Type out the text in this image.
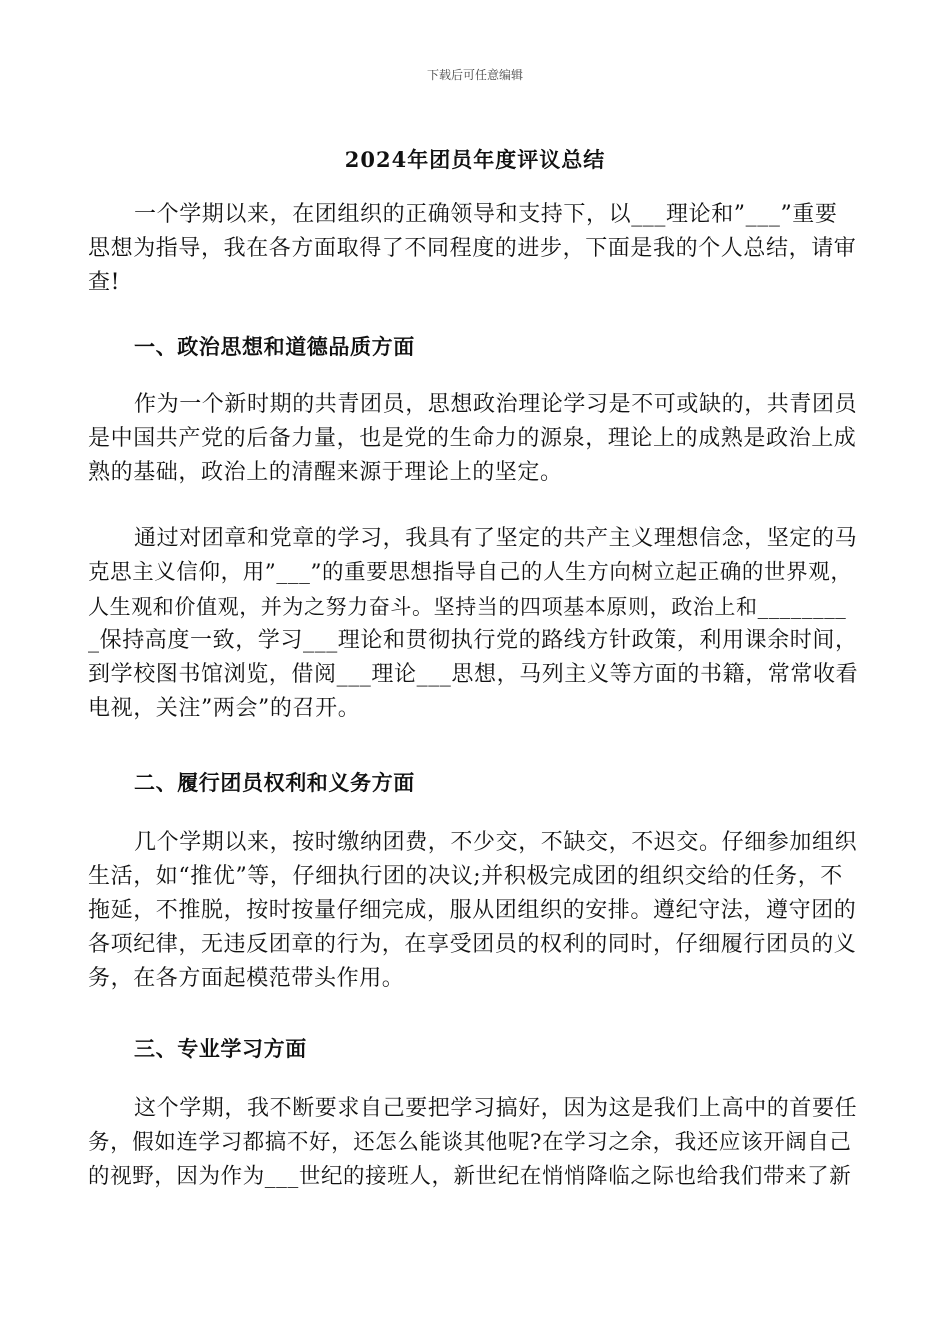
下载后可任意编辑
2024年团员年度评议总结
一个学期以来，在团组织的正确领导和支持下，以___理论和”___”重要
思想为指导，我在各方面取得了不同程度的进步，下面是我的个人总结，请审
查!
一、政治思想和道德品质方面
作为一个新时期的共青团员，思想政治理论学习是不可或缺的，共青团员
是中国共产党的后备力量，也是党的生命力的源泉，理论上的成熟是政治上成
熟的基础，政治上的清醒来源于理论上的坚定。
通过对团章和党章的学习，我具有了坚定的共产主义理想信念，坚定的马
克思主义信仰，用”___”的重要思想指导自己的人生方向树立起正确的世界观，
人生观和价值观，并为之努力奋斗。坚持当的四项基本原则，政治上和________
_保持高度一致，学习___理论和贯彻执行党的路线方针政策，利用课余时间，
到学校图书馆浏览，借阅___理论___思想，马列主义等方面的书籍，常常收看
电视，关注”两会”的召开。
二、履行团员权利和义务方面
几个学期以来，按时缴纳团费，不少交，不缺交，不迟交。仔细参加组织
生活，如“推优”等，仔细执行团的决议;并积极完成团的组织交给的任务，不
拖延，不推脱，按时按量仔细完成，服从团组织的安排。遵纪守法，遵守团的
各项纪律，无违反团章的行为，在享受团员的权利的同时，仔细履行团员的义
务，在各方面起模范带头作用。
三、专业学习方面
这个学期，我不断要求自己要把学习搞好，因为这是我们上高中的首要任
务，假如连学习都搞不好，还怎么能谈其他呢?在学习之余，我还应该开阔自己
的视野，因为作为___世纪的接班人，新世纪在悄悄降临之际也给我们带来了新
